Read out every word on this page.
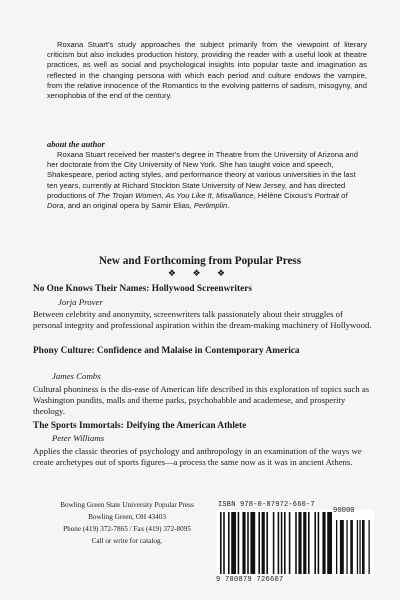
Roxana Stuart's study approaches the subject primarily from the viewpoint of literary criticism but also includes production history, providing the reader with a useful look at theatre practices, as well as social and psychological insights into popular taste and imagination as reflected in the changing persona with which each period and culture endows the vampire, from the relative innocence of the Romantics to the evolving patterns of sadism, misogyny, and xenophobia of the end of the century.

about the author

Roxana Stuart received her master's degree in Theatre from the University of Arizona and her doctorate from the City University of New York. She has taught voice and speech, Shakespeare, period acting styles, and performance theory at various universities in the last ten years, currently at Richard Stockton State University of New Jersey, and has directed productions of The Trojan Women, As You Like It, Misalliance, Hélène Cixous's Portrait of Dora, and an original opera by Samir Elias, Perlimplin.

New and Forthcoming from Popular Press

❖ ❖ ❖

No One Knows Their Names: Hollywood Screenwriters

Jorja Prover

Between celebrity and anonymity, screenwriters talk passionately about their struggles of personal integrity and professional aspiration within the dream-making machinery of Hollywood.

Phony Culture: Confidence and Malaise in Contemporary America

James Combs

Cultural phoniness is the dis-ease of American life described in this exploration of topics such as Washington pundits, malls and theme parks, psychobabble and academese, and prosperity theology.

The Sports Immortals: Deifying the American Athlete

Peter Williams

Applies the classic theories of psychology and anthropology in an examination of the ways we create archetypes out of sports figures—a process the same now as it was in ancient Athens.

Bowling Green State University Popular Press
Bowling Green, OH 43403
Phone (419) 372-7865 / Fax (419) 372-8095
Call or write for catalog.
ISBN 978-0-87972-660-7
90000
9 780879 726607
